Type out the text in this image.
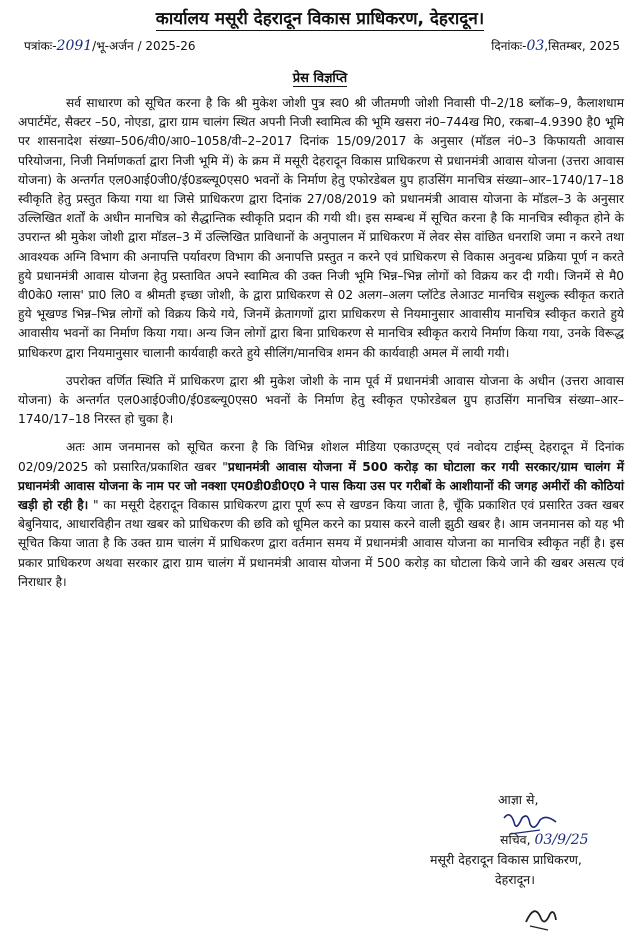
कार्यालय मसूरी देहरादून विकास प्राधिकरण, देहरादून।
पत्रांकः-2091/भू-अर्जन / 2025-26	दिनांकः-03,सितम्बर, 2025
प्रेस विज्ञप्ति

सर्व साधारण को सूचित करना है कि श्री मुकेश जोशी पुत्र स्व0 श्री जीतमणी जोशी निवासी पी–2/18 ब्लॉक–9, कैलाशधाम अपार्टमेंट, सैक्टर –50, नोएडा, द्वारा ग्राम चालंग स्थित अपनी निजी स्वामित्व की भूमि खसरा नं0–744ख मि0, रकबा–4.9390 है0 भूमि पर शासनादेश संख्या–506/वी0/आ0–1058/वी–2–2017 दिनांक 15/09/2017 के अनुसार (मॉडल नं0–3 किफायती आवास परियोजना, निजी निर्माणकर्ता द्वारा निजी भूमि में) के क्रम में मसूरी देहरादून विकास प्राधिकरण से प्रधानमंत्री आवास योजना (उत्तरा आवास योजना) के अन्तर्गत एल0आई0जी0/ई0डब्ल्यू0एस0 भवनों के निर्माण हेतु एफोरडेबल ग्रुप हाउसिंग मानचित्र संख्या–आर–1740/17–18 स्वीकृति हेतु प्रस्तुत किया गया था जिसे प्राधिकरण द्वारा दिनांक 27/08/2019 को प्रधानमंत्री आवास योजना के मॉडल–3 के अनुसार उल्लिखित शर्तों के अधीन मानचित्र को सैद्धान्तिक स्वीकृति प्रदान की गयी थी। इस सम्बन्ध में सूचित करना है कि मानचित्र स्वीकृत होने के उपरान्त श्री मुकेश जोशी द्वारा मॉडल–3 में उल्लिखित प्राविधानों के अनुपालन में प्राधिकरण में लेवर सेस वांछित धनराशि जमा न करने तथा आवश्यक अग्नि विभाग की अनापत्ति पर्यावरण विभाग की अनापत्ति प्रस्तुत न करने एवं प्राधिकरण से विकास अनुवन्ध प्रक्रिया पूर्ण न करते हुये प्रधानमंत्री आवास योजना हेतु प्रस्तावित अपने स्वामित्व की उक्त निजी भूमि भिन्न–भिन्न लोगों को विक्रय कर दी गयी। जिनमें से मै0 वी0के0 ग्लास' प्रा0 लि0 व श्रीमती इच्छा जोशी, के द्वारा प्राधिकरण से 02 अलग–अलग प्लॉटेड लेआउट मानचित्र सशुल्क स्वीकृत कराते हुये भूखण्ड भिन्न–भिन्न लोगों को विक्रय किये गये, जिनमें क्रेतागणों द्वारा प्राधिकरण से नियमानुसार आवासीय मानचित्र स्वीकृत कराते हुये आवासीय भवनों का निर्माण किया गया। अन्य जिन लोगों द्वारा बिना प्राधिकरण से मानचित्र स्वीकृत कराये निर्माण किया गया, उनके विरूद्ध प्राधिकरण द्वारा नियमानुसार चालानी कार्यवाही करते हुये सीलिंग/मानचित्र शमन की कार्यवाही अमल में लायी गयी।

उपरोक्त वर्णित स्थिति में प्राधिकरण द्वारा श्री मुकेश जोशी के नाम पूर्व में प्रधानमंत्री आवास योजना के अधीन (उत्तरा आवास योजना) के अन्तर्गत एल0आई0जी0/ई0डब्ल्यू0एस0 भवनों के निर्माण हेतु स्वीकृत एफोरडेबल ग्रुप हाउसिंग मानचित्र संख्या–आर–1740/17–18 निरस्त हो चुका है।

अतः आम जनमानस को सूचित करना है कि विभिन्न शोशल मीडिया एकाउण्ट्स् एवं नवोदय टाईम्स् देहरादून में दिनांक 02/09/2025 को प्रसारित/प्रकाशित खबर "प्रधानमंत्री आवास योजना में 500 करोड़ का घोटाला कर गयी सरकार/ग्राम चालंग में प्रधानमंत्री आवास योजना के नाम पर जो नक्शा एम0डी0डी0ए0 ने पास किया उस पर गरीबों के आशीयानों की जगह अमीरों की कोठियां खड़ी हो रही है। " का मसूरी देहरादून विकास प्राधिकरण द्वारा पूर्ण रूप से खण्डन किया जाता है, चूँकि प्रकाशित एवं प्रसारित उक्त खबर बेबुनियाद, आधारविहीन तथा खबर को प्राधिकरण की छवि को धूमिल करने का प्रयास करने वाली झुठी खबर है। आम जनमानस को यह भी सूचित किया जाता है कि उक्त ग्राम चालंग में प्राधिकरण द्वारा वर्तमान समय में प्रधानमंत्री आवास योजना का मानचित्र स्वीकृत नहीं है। इस प्रकार प्राधिकरण अथवा सरकार द्वारा ग्राम चालंग में प्रधानमंत्री आवास योजना में 500 करोड़ का घोटाला किये जाने की खबर असत्य एवं निराधार है।

आज्ञा से,
सचिव, 03/9/25
मसूरी देहरादून विकास प्राधिकरण,
देहरादून।
